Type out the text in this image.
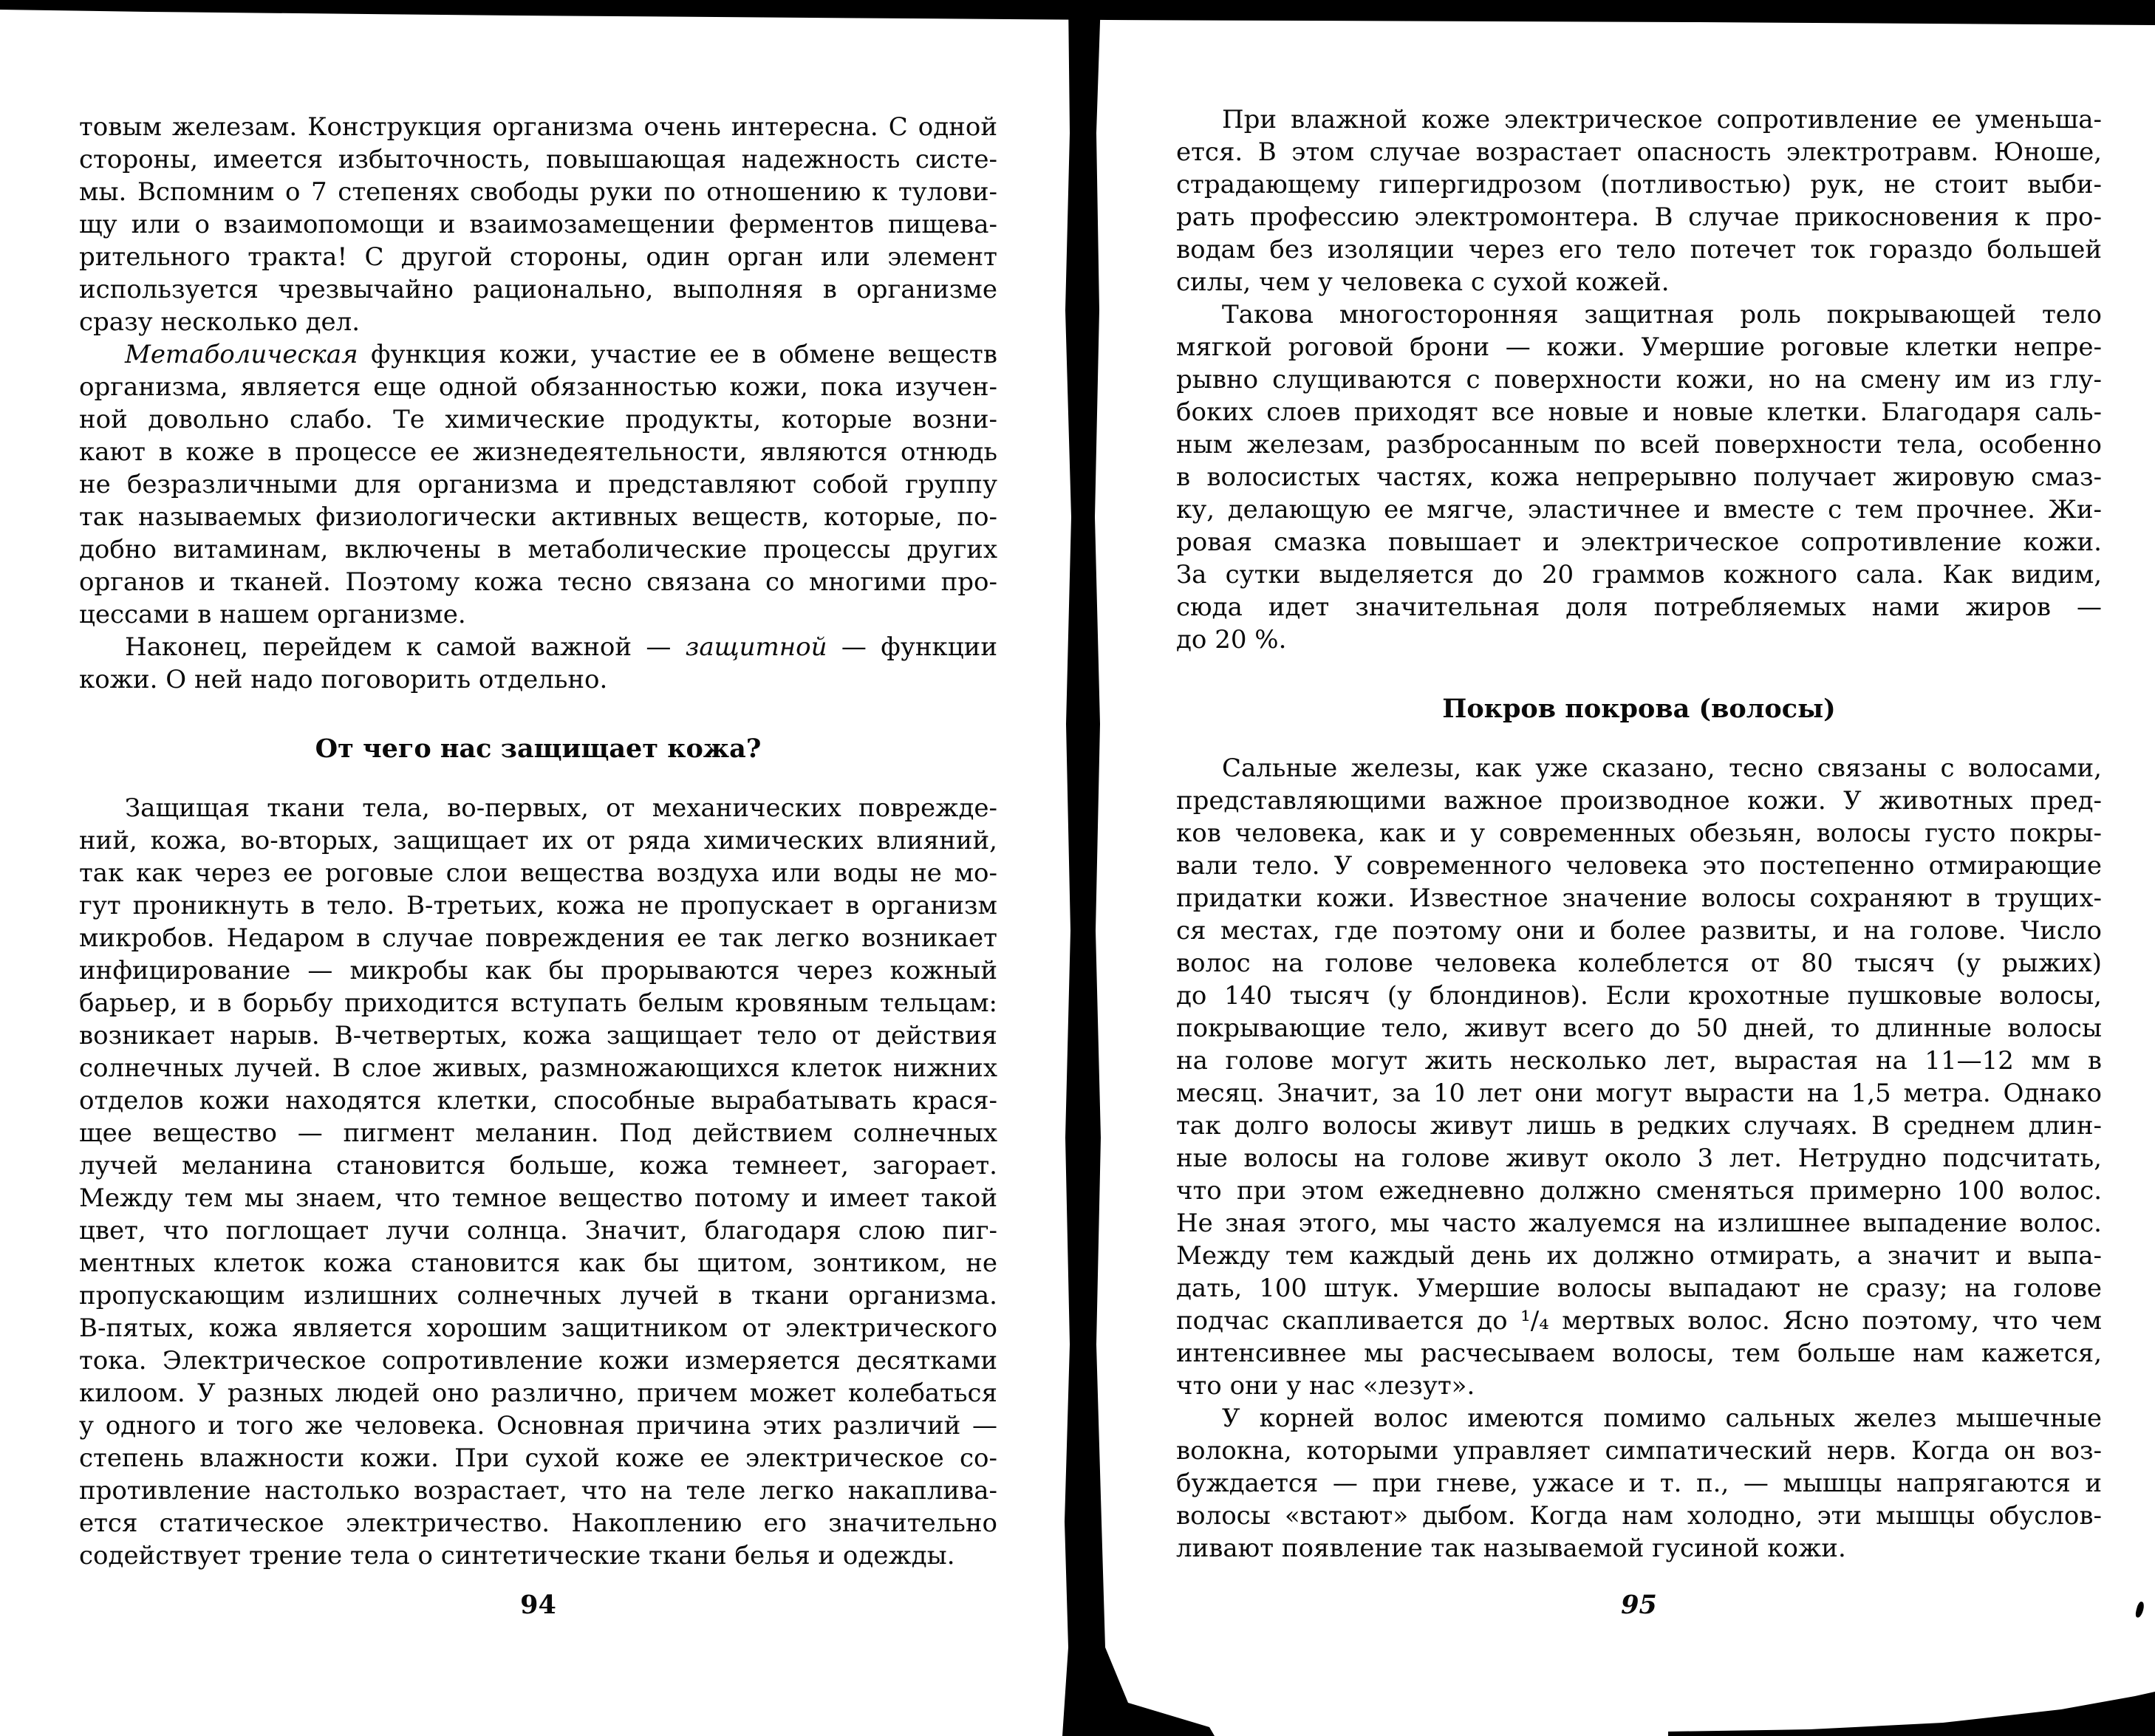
товым железам. Конструкция организма очень интересна. С одной
стороны, имеется избыточность, повышающая надежность систе-
мы. Вспомним о 7 степенях свободы руки по отношению к тулови-
щу или о взаимопомощи и взаимозамещении ферментов пищева-
рительного тракта! С другой стороны, один орган или элемент
используется чрезвычайно рационально, выполняя в организме
сразу несколько дел.
Метаболическая функция кожи, участие ее в обмене веществ
организма, является еще одной обязанностью кожи, пока изучен-
ной довольно слабо. Те химические продукты, которые возни-
кают в коже в процессе ее жизнедеятельности, являются отнюдь
не безразличными для организма и представляют собой группу
так называемых физиологически активных веществ, которые, по-
добно витаминам, включены в метаболические процессы других
органов и тканей. Поэтому кожа тесно связана со многими про-
цессами в нашем организме.
Наконец, перейдем к самой важной — защитной — функции
кожи. О ней надо поговорить отдельно.
От чего нас защищает кожа?
Защищая ткани тела, во-первых, от механических поврежде-
ний, кожа, во-вторых, защищает их от ряда химических влияний,
так как через ее роговые слои вещества воздуха или воды не мо-
гут проникнуть в тело. В-третьих, кожа не пропускает в организм
микробов. Недаром в случае повреждения ее так легко возникает
инфицирование — микробы как бы прорываются через кожный
барьер, и в борьбу приходится вступать белым кровяным тельцам:
возникает нарыв. В-четвертых, кожа защищает тело от действия
солнечных лучей. В слое живых, размножающихся клеток нижних
отделов кожи находятся клетки, способные вырабатывать крася-
щее вещество — пигмент меланин. Под действием солнечных
лучей меланина становится больше, кожа темнеет, загорает.
Между тем мы знаем, что темное вещество потому и имеет такой
цвет, что поглощает лучи солнца. Значит, благодаря слою пиг-
ментных клеток кожа становится как бы щитом, зонтиком, не
пропускающим излишних солнечных лучей в ткани организма.
В-пятых, кожа является хорошим защитником от электрического
тока. Электрическое сопротивление кожи измеряется десятками
килоом. У разных людей оно различно, причем может колебаться
у одного и того же человека. Основная причина этих различий —
степень влажности кожи. При сухой коже ее электрическое со-
противление настолько возрастает, что на теле легко накаплива-
ется статическое электричество. Накоплению его значительно
содействует трение тела о синтетические ткани белья и одежды.
При влажной коже электрическое сопротивление ее уменьша-
ется. В этом случае возрастает опасность электротравм. Юноше,
страдающему гипергидрозом (потливостью) рук, не стоит выби-
рать профессию электромонтера. В случае прикосновения к про-
водам без изоляции через его тело потечет ток гораздо большей
силы, чем у человека с сухой кожей.
Такова многосторонняя защитная роль покрывающей тело
мягкой роговой брони — кожи. Умершие роговые клетки непре-
рывно слущиваются с поверхности кожи, но на смену им из глу-
боких слоев приходят все новые и новые клетки. Благодаря саль-
ным железам, разбросанным по всей поверхности тела, особенно
в волосистых частях, кожа непрерывно получает жировую смаз-
ку, делающую ее мягче, эластичнее и вместе с тем прочнее. Жи-
ровая смазка повышает и электрическое сопротивление кожи.
За сутки выделяется до 20 граммов кожного сала. Как видим,
сюда идет значительная доля потребляемых нами жиров —
до 20 %.
Покров покрова (волосы)
Сальные железы, как уже сказано, тесно связаны с волосами,
представляющими важное производное кожи. У животных пред-
ков человека, как и у современных обезьян, волосы густо покры-
вали тело. У современного человека это постепенно отмирающие
придатки кожи. Известное значение волосы сохраняют в трущих-
ся местах, где поэтому они и более развиты, и на голове. Число
волос на голове человека колеблется от 80 тысяч (у рыжих)
до 140 тысяч (у блондинов). Если крохотные пушковые волосы,
покрывающие тело, живут всего до 50 дней, то длинные волосы
на голове могут жить несколько лет, вырастая на 11—12 мм в
месяц. Значит, за 10 лет они могут вырасти на 1,5 метра. Однако
так долго волосы живут лишь в редких случаях. В среднем длин-
ные волосы на голове живут около 3 лет. Нетрудно подсчитать,
что при этом ежедневно должно сменяться примерно 100 волос.
Не зная этого, мы часто жалуемся на излишнее выпадение волос.
Между тем каждый день их должно отмирать, а значит и выпа-
дать, 100 штук. Умершие волосы выпадают не сразу; на голове
подчас скапливается до ¹/₄ мертвых волос. Ясно поэтому, что чем
интенсивнее мы расчесываем волосы, тем больше нам кажется,
что они у нас «лезут».
У корней волос имеются помимо сальных желез мышечные
волокна, которыми управляет симпатический нерв. Когда он воз-
буждается — при гневе, ужасе и т. п., — мышцы напрягаются и
волосы «встают» дыбом. Когда нам холодно, эти мышцы обуслов-
ливают появление так называемой гусиной кожи.
94	95
